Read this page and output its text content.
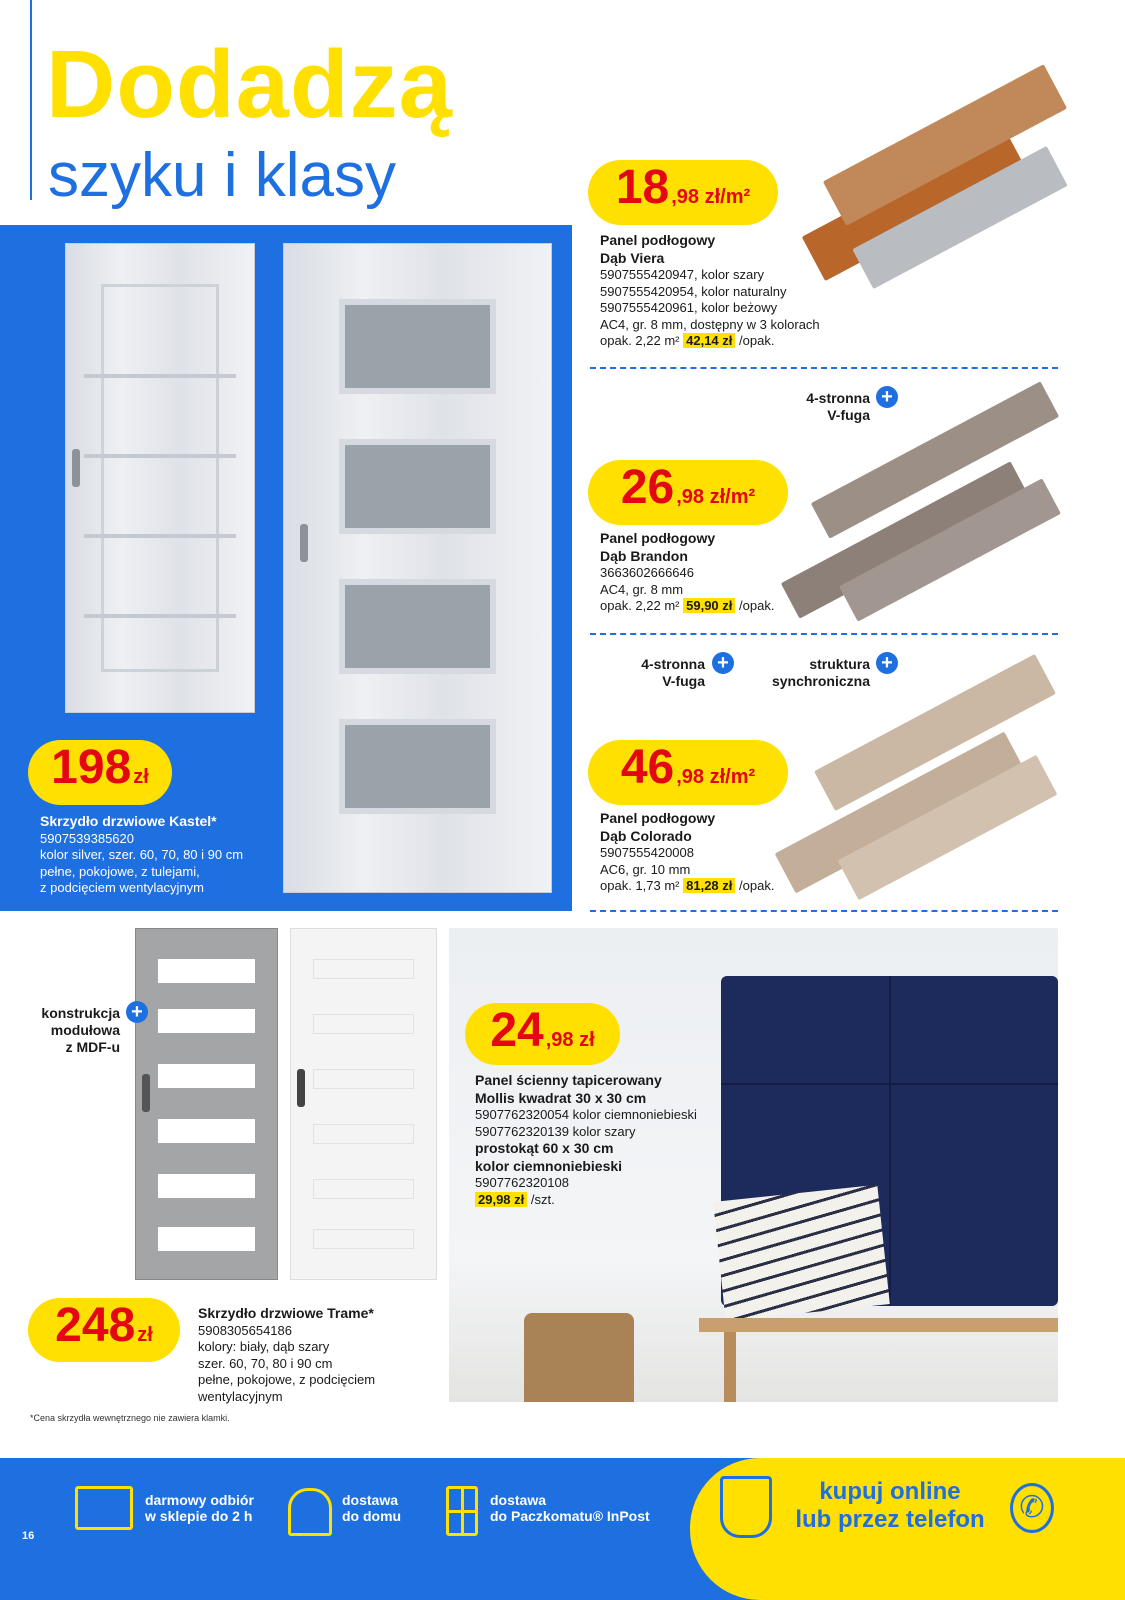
Dodadzą
szyku i klasy
198 zł
Skrzydło drzwiowe Kastel*
5907539385620
kolor silver, szer. 60, 70, 80 i 90 cm
pełne, pokojowe, z tulejami,
z podcięciem wentylacyjnym
18 ,98 zł/m²
Panel podłogowy
Dąb Viera
5907555420947, kolor szary
5907555420954, kolor naturalny
5907555420961, kolor beżowy
AC4, gr. 8 mm, dostępny w 3 kolorach
opak. 2,22 m² 42,14 zł /opak.
4-stronna
V-fuga
+
26 ,98 zł/m²
Panel podłogowy
Dąb Brandon
3663602666646
AC4, gr. 8 mm
opak. 2,22 m² 59,90 zł /opak.
4-stronna
V-fuga
+	struktura
synchroniczna
+
46 ,98 zł/m²
Panel podłogowy
Dąb Colorado
5907555420008
AC6, gr. 10 mm
opak. 1,73 m² 81,28 zł /opak.
konstrukcja
modułowa
z MDF-u
+
248 zł
Skrzydło drzwiowe Trame*
5908305654186
kolory: biały, dąb szary
szer. 60, 70, 80 i 90 cm
pełne, pokojowe, z podcięciem
wentylacyjnym
24 ,98 zł
Panel ścienny tapicerowany
Mollis kwadrat 30 x 30 cm
5907762320054 kolor ciemnoniebieski
5907762320139 kolor szary
prostokąt 60 x 30 cm
kolor ciemnoniebieski
5907762320108
29,98 zł /szt.
*Cena skrzydła wewnętrznego nie zawiera klamki.
16
darmowy odbiór
w sklepie do 2 h
dostawa
do domu
dostawa
do Paczkomatu® InPost
kupuj online
lub przez telefon	✆
